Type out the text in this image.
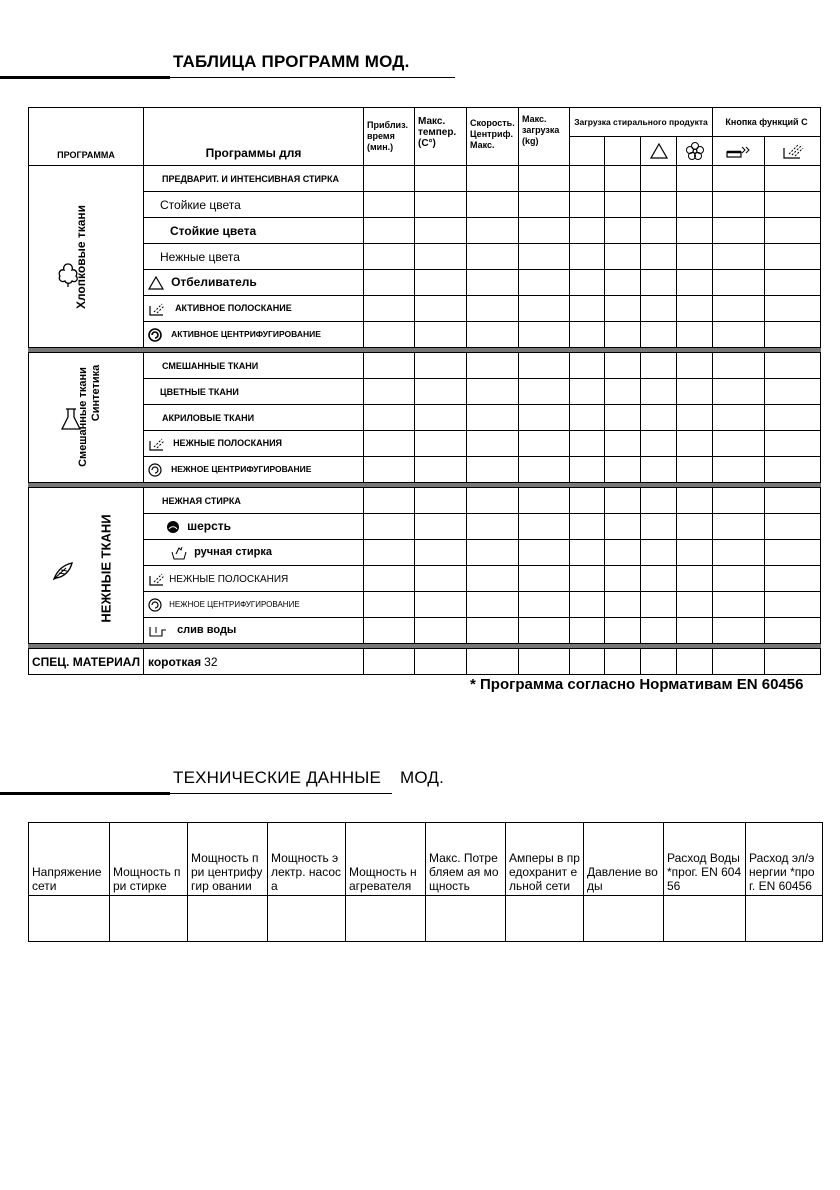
ТАБЛИЦА ПРОГРАММ МОД.
ПРОГРАММА	Программы для	Приблиз. время (мин.)	Макс. темпер. (C°)	Скорость. Центриф. Макс.	Макс. загрузка (kg)	Загрузка стирального продукта				Кнопка функций С	

Хлопковые ткани	ПРЕДВАРИТ. И ИНТЕНСИВНАЯ СТИРКА										
	Стойкие цвета										
	Стойкие цвета										
	Нежные цвета										
	Отбеливатель										
	АКТИВНОЕ ПОЛОСКАНИЕ										
	АКТИВНОЕ ЦЕНТРИФУГИРОВАНИЕ										

Смешанные ткани Синтетика	СМЕШАННЫЕ ТКАНИ										
	ЦВЕТНЫЕ ТКАНИ										
	АКРИЛОВЫЕ ТКАНИ										
	НЕЖНЫЕ ПОЛОСКАНИЯ										
	НЕЖНОЕ ЦЕНТРИФУГИРОВАНИЕ										

НЕЖНЫЕ ТКАНИ	НЕЖНАЯ СТИРКА										
	шерсть										
	ручная стирка										
	НЕЖНЫЕ ПОЛОСКАНИЯ										
	НЕЖНОЕ ЦЕНТРИФУГИРОВАНИЕ										
	слив воды										

СПЕЦ. МАТЕРИАЛ	короткая 32										
* Программа согласно Нормативам EN 60456
ТЕХНИЧЕСКИЕ ДАННЫЕ МОД.
Напряжение сети	Мощность при стирке	Мощность при центрифугир овании	Мощность электр. насоса	Мощность нагревателя	Макс. Потребляем ая мощность	Амперы в предохранит ельной сети	Давление воды	Расход Воды *прог. EN 60456	Расход эл/энергии *прог. EN 60456
